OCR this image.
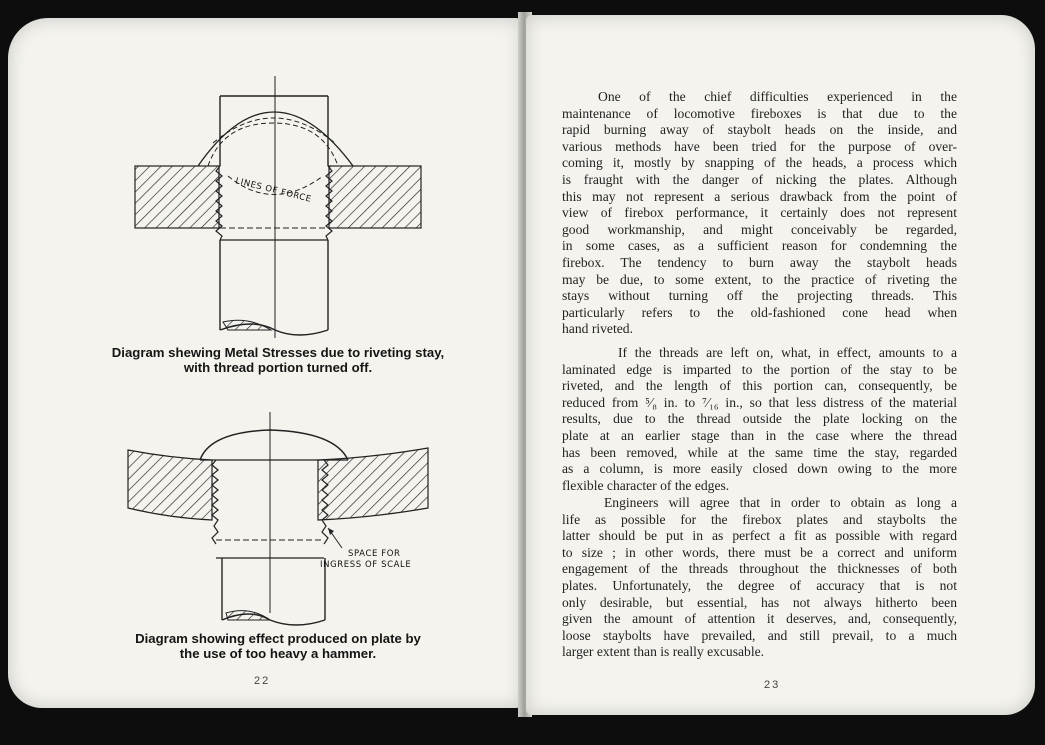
LINES OF FORCE
Diagram shewing Metal Stresses due to riveting stay,
with thread portion turned off.
SPACE FOR
INGRESS OF SCALE
Diagram showing effect produced on plate by
the use of too heavy a hammer.
22
One of the chief difficulties experienced in the
maintenance of locomotive fireboxes is that due to the
rapid burning away of staybolt heads on the inside, and
various methods have been tried for the purpose of over-
coming it, mostly by snapping of the heads, a process which
is fraught with the danger of nicking the plates. Although
this may not represent a serious drawback from the point of
view of firebox performance, it certainly does not represent
good workmanship, and might conceivably be regarded,
in some cases, as a sufficient reason for condemning the
firebox. The tendency to burn away the staybolt heads
may be due, to some extent, to the practice of riveting the
stays without turning off the projecting threads. This
particularly refers to the old-fashioned cone head when
hand riveted.
If the threads are left on, what, in effect, amounts to a
laminated edge is imparted to the portion of the stay to be
riveted, and the length of this portion can, consequently, be
reduced from ⁵⁄₈ in. to ⁷⁄₁₆ in., so that less distress of the material
results, due to the thread outside the plate locking on the
plate at an earlier stage than in the case where the thread
has been removed, while at the same time the stay, regarded
as a column, is more easily closed down owing to the more
flexible character of the edges.
Engineers will agree that in order to obtain as long a
life as possible for the firebox plates and staybolts the
latter should be put in as perfect a fit as possible with regard
to size ; in other words, there must be a correct and uniform
engagement of the threads throughout the thicknesses of both
plates. Unfortunately, the degree of accuracy that is not
only desirable, but essential, has not always hitherto been
given the amount of attention it deserves, and, consequently,
loose staybolts have prevailed, and still prevail, to a much
larger extent than is really excusable.
23
